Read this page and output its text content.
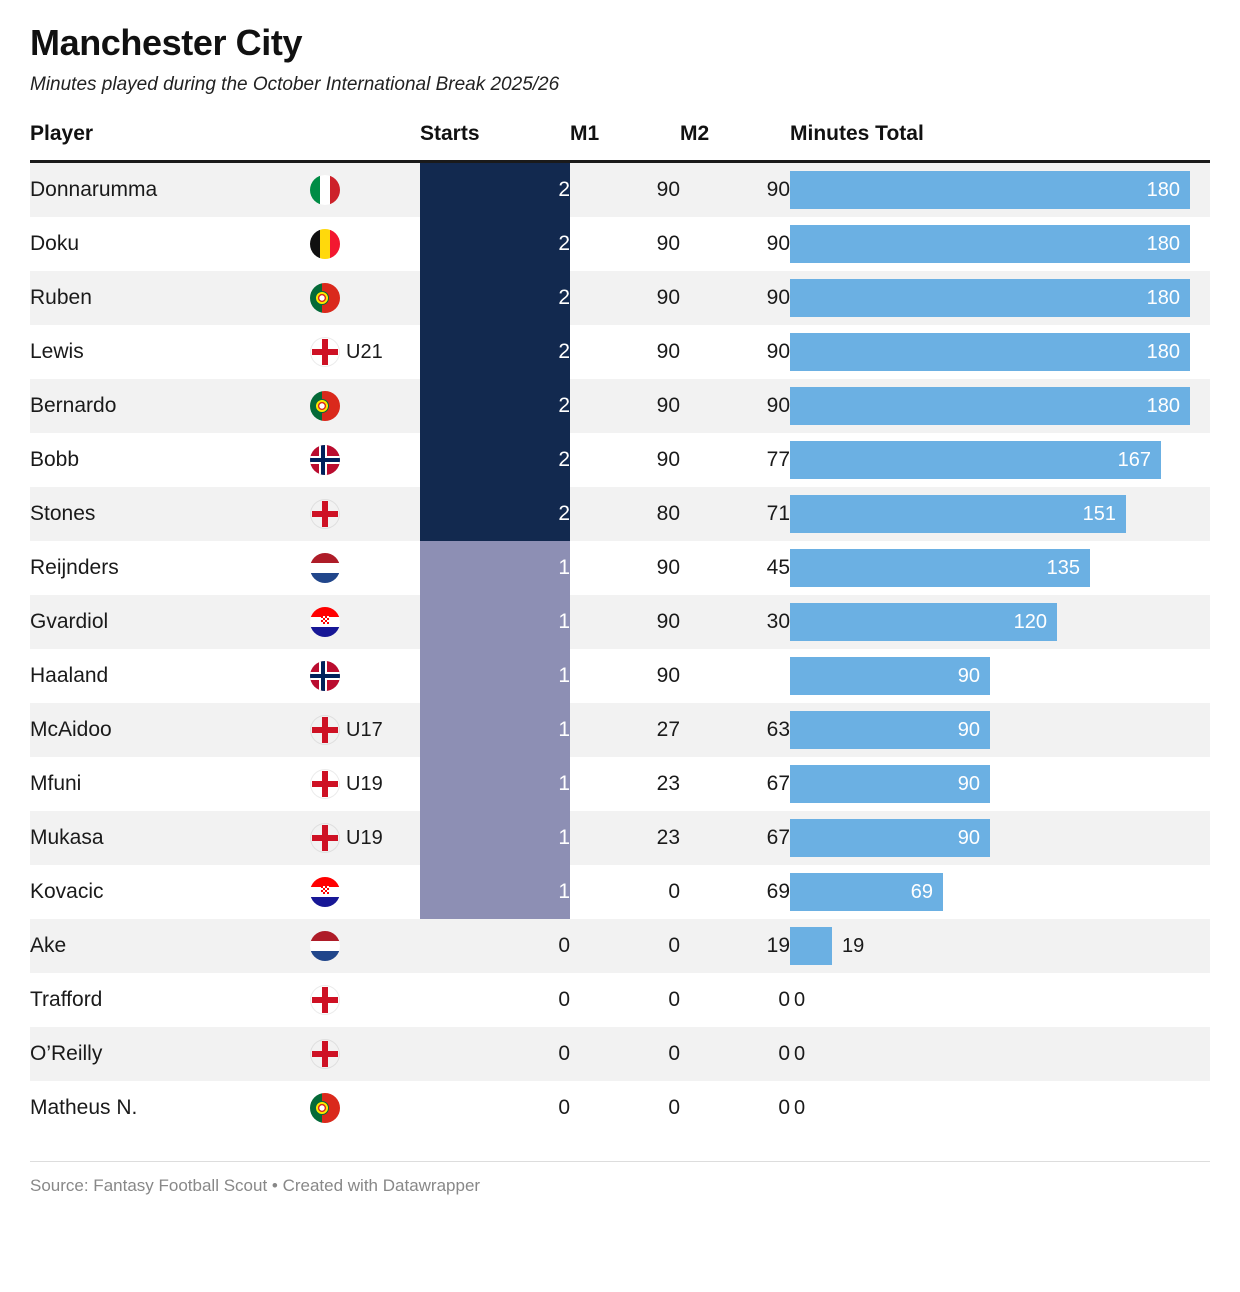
Manchester City
Minutes played during the October International Break 2025/26
Player	Starts	M1	M2	Minutes Total

Donnarumma	2	90	90	180

Doku	2	90	90	180

Ruben	2	90	90	180

Lewis U21	2	90	90	180

Bernardo	2	90	90	180

Bobb	2	90	77	167

Stones	2	80	71	151

Reijnders	1	90	45	135

Gvardiol	1	90	30	120

Haaland	1	90		90

McAidoo U17	1	27	63	90

Mfuni U19	1	23	67	90

Mukasa U19	1	23	67	90

Kovacic	1	0	69	69

Ake	0	0	19	19

Trafford	0	0	0	0

O’Reilly	0	0	0	0

Matheus N.	0	0	0	0
Source: Fantasy Football Scout • Created with Datawrapper
